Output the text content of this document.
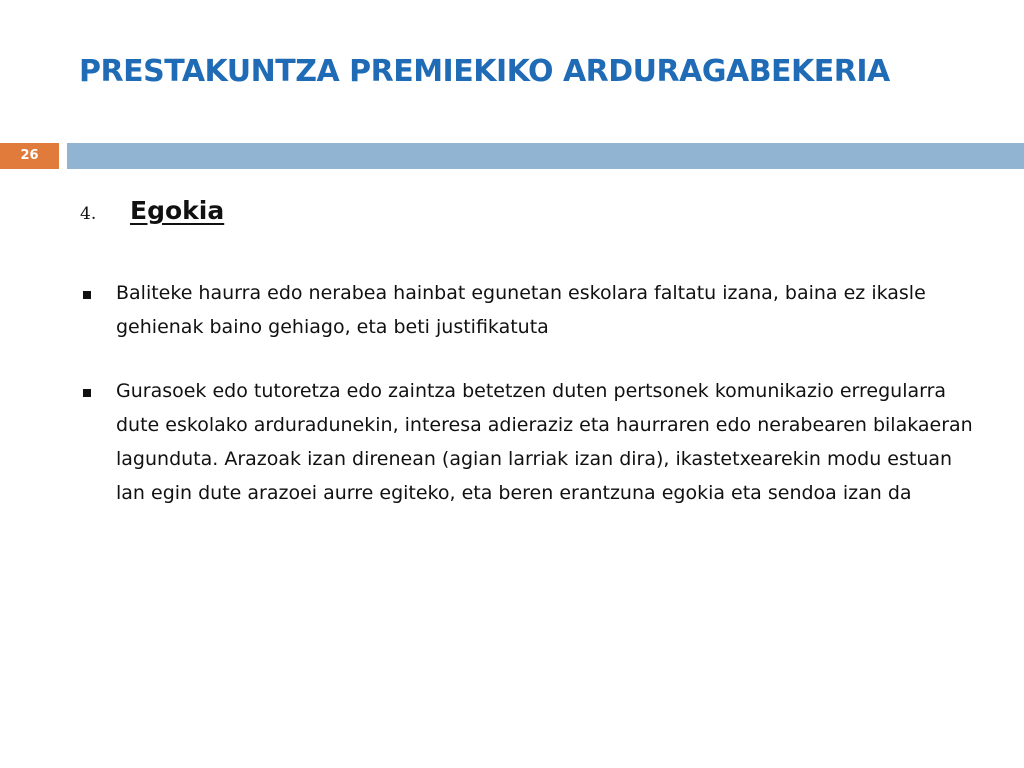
PRESTAKUNTZA PREMIEKIKO ARDURAGABEKERIA
26
4.	Egokia
Baliteke haurra edo nerabea hainbat egunetan eskolara faltatu izana, baina ez ikasle gehienak baino gehiago, eta beti justifikatuta
Gurasoek edo tutoretza edo zaintza betetzen duten pertsonek komunikazio erregularra dute eskolako arduradunekin, interesa adieraziz eta haurraren edo nerabearen bilakaeran lagunduta. Arazoak izan direnean (agian larriak izan dira), ikastetxearekin modu estuan lan egin dute arazoei aurre egiteko, eta beren erantzuna egokia eta sendoa izan da
